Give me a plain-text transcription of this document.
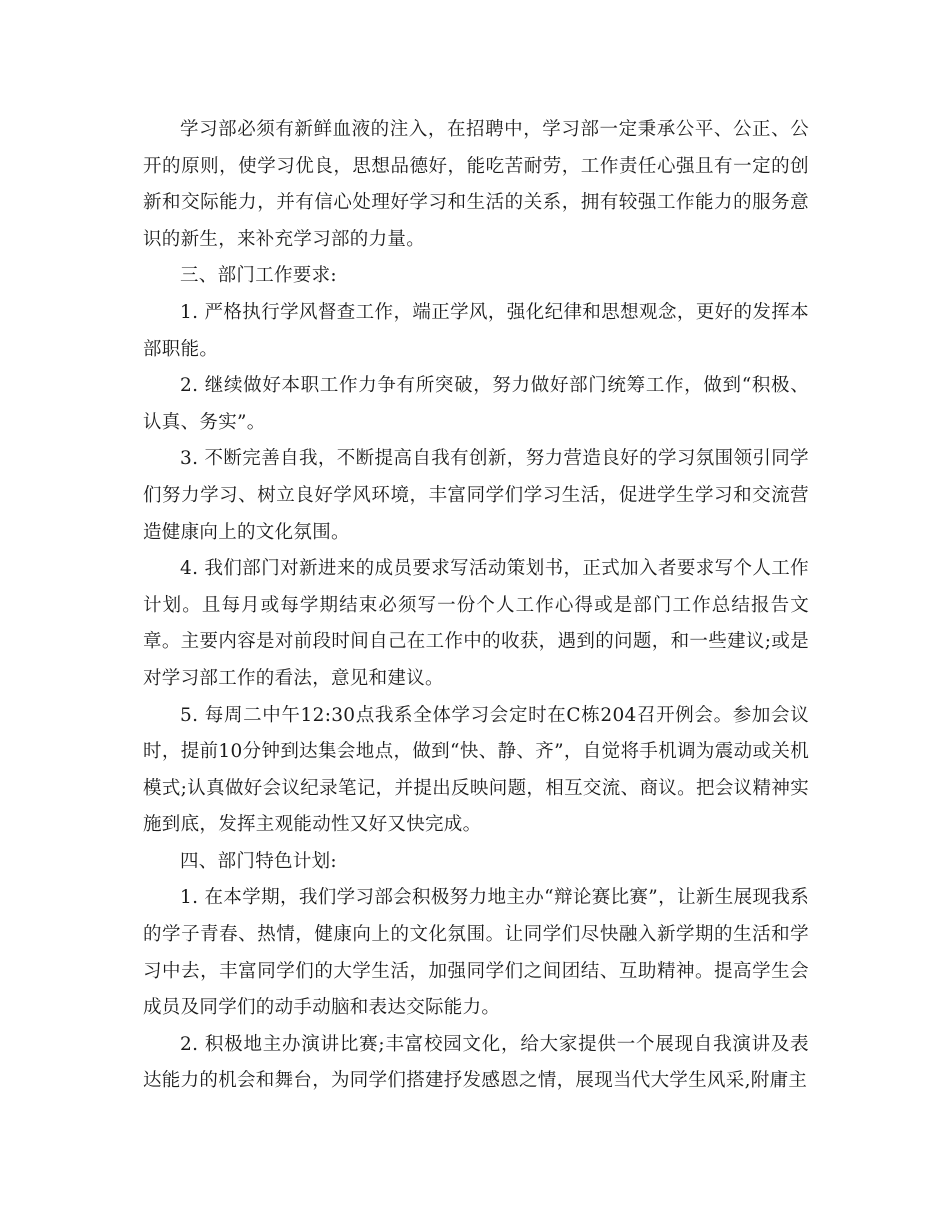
学习部必须有新鲜血液的注入，在招聘中，学习部一定秉承公平、公正、公开的原则，使学习优良，思想品德好，能吃苦耐劳，工作责任心强且有一定的创新和交际能力，并有信心处理好学习和生活的关系，拥有较强工作能力的服务意识的新生，来补充学习部的力量。

三、部门工作要求:

1. 严格执行学风督查工作，端正学风，强化纪律和思想观念，更好的发挥本部职能。

2. 继续做好本职工作力争有所突破，努力做好部门统筹工作，做到“积极、认真、务实”。

3. 不断完善自我，不断提高自我有创新，努力营造良好的学习氛围领引同学们努力学习、树立良好学风环境，丰富同学们学习生活，促进学生学习和交流营造健康向上的文化氛围。

4. 我们部门对新进来的成员要求写活动策划书，正式加入者要求写个人工作计划。且每月或每学期结束必须写一份个人工作心得或是部门工作总结报告文章。主要内容是对前段时间自己在工作中的收获，遇到的问题，和一些建议;或是对学习部工作的看法，意见和建议。

5. 每周二中午12:30点我系全体学习会定时在C栋204召开例会。参加会议时，提前10分钟到达集会地点，做到“快、静、齐”，自觉将手机调为震动或关机模式;认真做好会议纪录笔记，并提出反映问题，相互交流、商议。把会议精神实施到底，发挥主观能动性又好又快完成。

四、部门特色计划:

1. 在本学期，我们学习部会积极努力地主办“辩论赛比赛”，让新生展现我系的学子青春、热情，健康向上的文化氛围。让同学们尽快融入新学期的生活和学习中去，丰富同学们的大学生活，加强同学们之间团结、互助精神。提高学生会成员及同学们的动手动脑和表达交际能力。

2. 积极地主办演讲比赛;丰富校园文化，给大家提供一个展现自我演讲及表达能力的机会和舞台，为同学们搭建抒发感恩之情，展现当代大学生风采,附庸主
